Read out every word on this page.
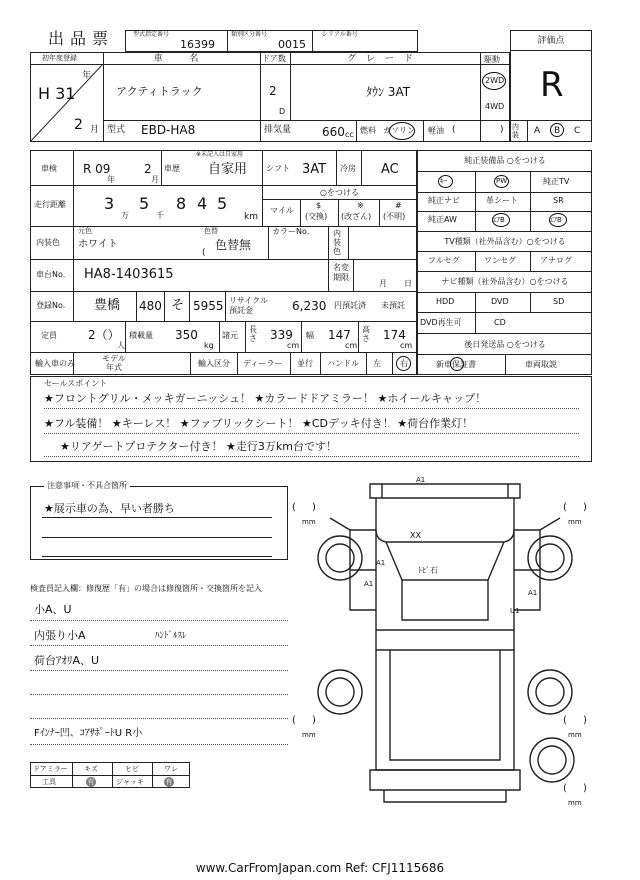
出品票	型式指定番号
16399
類別区分番号
0015
シリアル番号
評価点
R
初年度登録
年
H 31
2 月
車 名
アクティトラック
ドア数
2
D
グレード
ﾀｳﾝ 3AT
駆動
2WD
4WD
型式 EBD-HA8	排気量	660 cc 燃料 ガソリン 軽油 (	) 内装 A B C
車検 R 09
年
2
月
車歴
※未記入は自家用
自家用 シフト 3AT 冷房 AC
走行距離 3
万
5
千
8 4 5
km
○をつける
マイル
$
(交換)
※
(改ざん)
#
(不明)
内装色
元色
ホワイト
色替
色替無
(
カラーNo.	内装色
車台No. HA8-1403615	名変期限
月 日
登録No. 豊橋 480 そ 5955 リサイクル預託金	6,230 円預託済 未預託
定員	2（）
人
積載量 350
kg
諸元
長さ 339
cm
幅 147
cm
高さ 174
cm
輸入車のみ
モデル年式	輸入区分 ディーラー 並行 ハンドル 左 右
純正装備品 ○をつける
ｷｰ	PW	純正TV
純正ナビ	革シート	SR
純正AW	ｴｱB	ｴｱB
TV種類（社外品含む）○をつける
フルセグ	ワンセグ	アナログ
ナビ種類（社外品含む）○をつける
HDD	DVD	SD
DVD再生可	CD
後日発送品 ○をつける
新車保証書	車両取説
セールスポイント
★フロントグリル・メッキガーニッシュ！ ★カラードドアミラー！ ★ホイールキャップ！
★フル装備！ ★キーレス！ ★ファブリックシート！ ★CDデッキ付き！ ★荷台作業灯！
★リアゲートプロテクター付き！ ★走行3万km台です！
注意事項・不具合箇所
★展示車の為、早い者勝ち
検査員記入欄：修復歴「有」の場合は修復箇所・交換箇所を記入
小A、U
内張り小A	ﾊﾝﾄﾞﾙｽﾚ
荷台ｱｵﾘA、U
Fｲﾝﾅｰ凹、ｺｱｻﾎﾟｰﾄU R小
ドアミラー キズ	ヒビ	ワレ
工具	有	ジャッキ	有
A1
XX
ﾄﾋﾞ石
A1
A1
A1
U1
( )
mm
( )
mm
( )
mm
( )
mm
( )
mm
www.CarFromJapan.com Ref: CFJ1115686
